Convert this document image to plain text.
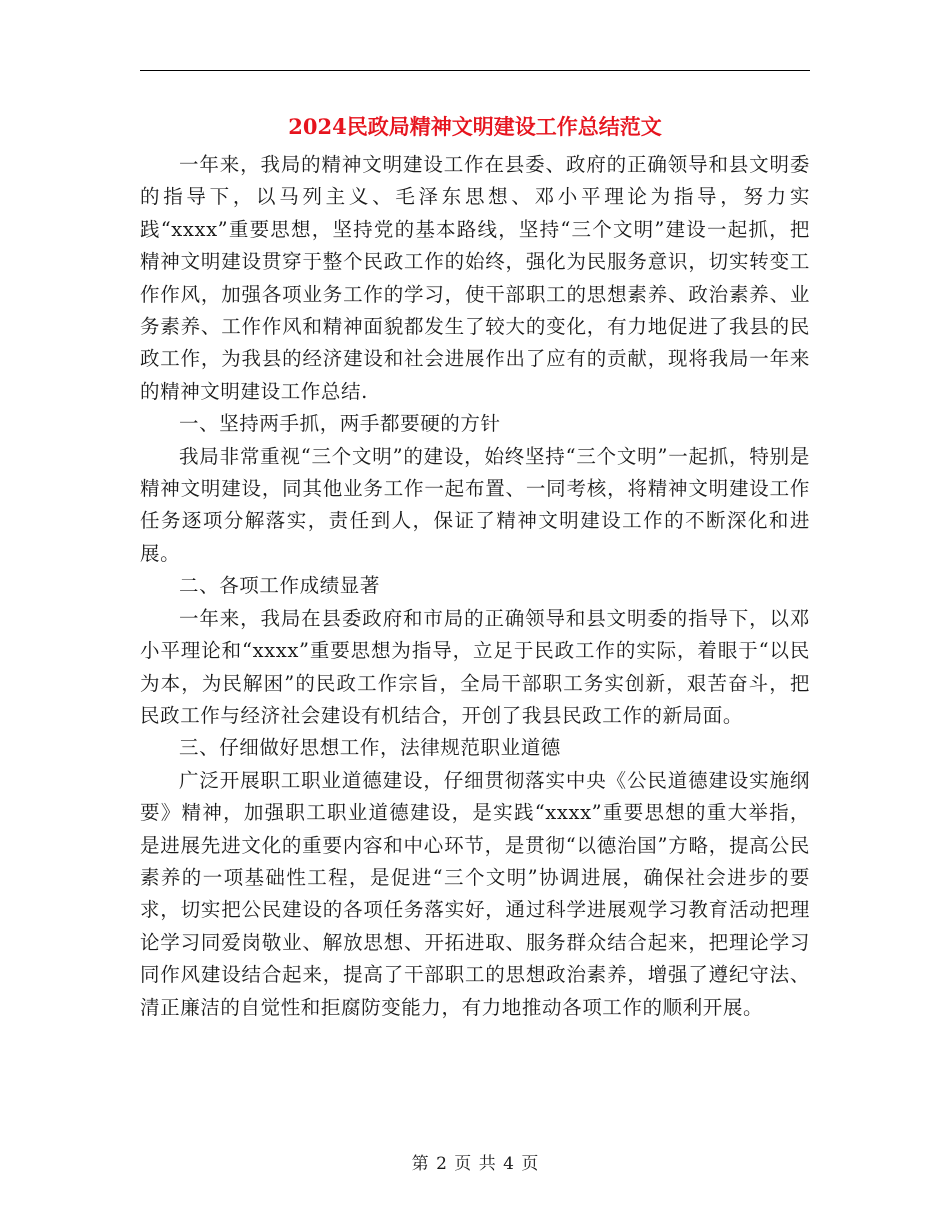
2024民政局精神文明建设工作总结范文

一年来，我局的精神文明建设工作在县委、政府的正确领导和县文明委的指导下，以马列主义、毛泽东思想、邓小平理论为指导，努力实践“xxxx”重要思想，坚持党的基本路线，坚持“三个文明”建设一起抓，把精神文明建设贯穿于整个民政工作的始终，强化为民服务意识，切实转变工作作风，加强各项业务工作的学习，使干部职工的思想素养、政治素养、业务素养、工作作风和精神面貌都发生了较大的变化，有力地促进了我县的民政工作，为我县的经济建设和社会进展作出了应有的贡献，现将我局一年来的精神文明建设工作总结.

一、坚持两手抓，两手都要硬的方针

我局非常重视“三个文明”的建设，始终坚持“三个文明”一起抓，特别是精神文明建设，同其他业务工作一起布置、一同考核，将精神文明建设工作任务逐项分解落实，责任到人，保证了精神文明建设工作的不断深化和进展。

二、各项工作成绩显著

一年来，我局在县委政府和市局的正确领导和县文明委的指导下，以邓小平理论和“xxxx”重要思想为指导，立足于民政工作的实际，着眼于“以民为本，为民解困”的民政工作宗旨，全局干部职工务实创新，艰苦奋斗，把民政工作与经济社会建设有机结合，开创了我县民政工作的新局面。

三、仔细做好思想工作，法律规范职业道德

广泛开展职工职业道德建设，仔细贯彻落实中央《公民道德建设实施纲要》精神，加强职工职业道德建设，是实践“xxxx”重要思想的重大举指，是进展先进文化的重要内容和中心环节，是贯彻“以德治国”方略，提高公民素养的一项基础性工程，是促进“三个文明”协调进展，确保社会进步的要求，切实把公民建设的各项任务落实好，通过科学进展观学习教育活动把理论学习同爱岗敬业、解放思想、开拓进取、服务群众结合起来，把理论学习同作风建设结合起来，提高了干部职工的思想政治素养，增强了遵纪守法、清正廉洁的自觉性和拒腐防变能力，有力地推动各项工作的顺利开展。

第 2 页 共 4 页
